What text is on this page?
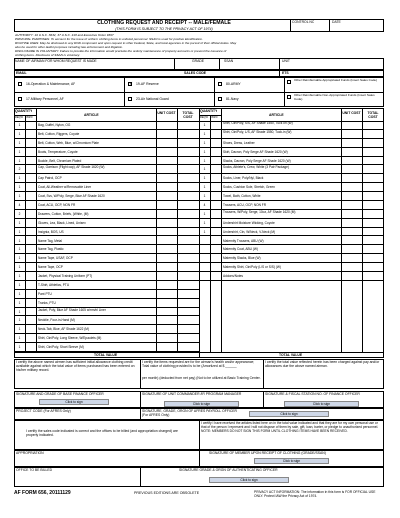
CLOTHING REQUEST AND RECEIPT -- MALE/FEMALE
(THIS FORM IS SUBJECT TO THE PRIVACY ACT OF 1974)
CONTROL NO	DATE
AUTHORITY: 10 U.S.C. 8632, 37 U.S.C. 418 and Executive Order 9397
PRINCIPAL PURPOSES: To account for the issue of uniform clothing items to enlisted personnel. SSAN is used for positive identification.
ROUTINE USES: May be disclosed to any DOD component and upon request to other Federal, State, and local agencies in the pursuit of their official duties. May
also be used for other lawful purposes including law enforcement and litigation.
DISCLOSURE IS VOLUNTARY: Failure to provide the information would preclude the orderly maintenance of property accounts or prevent the issuance of
clothing items. Disclosure of SSAN is voluntary.
NAME OF AIRMAN FOR WHOM REQUEST IS MADE	GRADE	SSAN	UNIT
EMAIL	SALES CODE	ETS
16-Operation & Maintenance, AF	✓ 19-AF Reserve	80-ARMY
Other Reimbursable Appropriated Funds (Insert Sales Code)
17-Military Personnel, AF	23-Air National Guard	81-Navy
Other Reimbursable Non-Appropriated Funds (Insert Sales Code)
QUANTITY
REQ'D ISS'D
ARTICLE	UNIT COST	TOTAL COST
QUANTITY
REQ'D ISS'D
ARTICLE	UNIT COST	TOTAL COST
1	Bag, Duffel, Nylon, OG
1	Belt, Cotton, Riggers, Coyote
1	Belt, Cotton, Web, Blue, w/Chromium Plate
1	Boots, Temperature, Coyote
1	Buckle, Belt, Chromium Plated
2	Cap, Garrison (Flight cap), AF Shade 1620 (W)
1	Cap Patrol, OCP
1	Coat, All-Weather w/Removable Liner
1	Coat, Svs, W/Poly, Serge, Blue AF Shade 1620
4	Coat, ACU, OCP, NON FR
2	Drawers, Cotton, Briefs, (White, (M)
1	Gloves, Lea, Black, Lined, Unisex
1	Insignia, BOS, US
1	Name Tag, Metal
1	Name Tag, Plastic
1	Name Tape, USAF, OCP
1	Name Tape, OCP
1	Jacket, Physical Training Uniform (PT)
1	T-Shirt, Athletics, PTU
1	Pant PTU
1	Trunks, PTU
1	Jacket, Poly, Blue AF Shade 1605 w/rmvbl Liner
1	Necktie, Four-in-Hand (M)
1	Neck-Tab, Blue, AF Shade 1622 (M)
1	Shirt, Ctn/Poly, Long Sleeve, W/Epaulets (M)
1	Shirt, Ctn/Poly, Short Sleeve (M)
1	Shirt, Ctn/Poly, S/S, AF Shade 1550, Tuck on (W)
1	Shirt, Ctn/Poly, L/S, AF Shade 1550, Tuck-in (W)
1	Shoes, Dress, Leather
1	Skirt, Dacron, Poly Serge AF Shade 1620 (W)
1	Slacks, Dacron, Poly Serge AF Shade 1620 (W)
1	Socks, Athlete's, Crew, White (3 Pair Package)
1	Socks, Liner, Poly/Nyl, Black
1	Socks, Cushion Sole, Stretch, Green
1	Towel, Bath, Cotton, White
4	Trousers, ACU, OCP, NON FR
1	Trousers, W/Poly, Serge, 10oz, AF Shade 1620 (M)
1	Undershirt Moisture Wicking, Coyote
1	Undershirt, Ctn, W/Neck, V-Neck (M)
Maternity Trousers, ABU (W)
Maternity Coat, ABU (W)
Maternity Slacks, Blue (W)
Maternity Shirt, Ctn/Poly (L/S or S/S) (W)
Addons/Notes
TOTAL VALUE	TOTAL VALUE
I certify the above named airmen has sufficient initial allowance clothing credit available against which the total value of items purchased has been entered on his/her military record.
I certify the items requested are for the airman's health and/or appearance; Total value of clothing provided is to be (Amortized at $ ______
per month) (deducted from net pay) (Not to be utilized at Basic Training Center.
I certify the total value reflected herein has been charged against pay and/or allowances due the above named airman.
SIGNATURE AND GRADE OF BASE FINANCE OFFICER
Click to sign
SIGNATURE OF UNIT COMMANDER /IR PROGRAM MANAGER
Click to sign
SIGNATURE & FISCAL STATION NO. OF FINANCE OFFICER
Click to sign
PROJECT CODE (For AFRES Only)	SIGNATURE, GRADE, ORGN OF AFRES PAYROLL OFFICER (For AFRES Only)	Click to sign
I certify the sales code indicated is correct and the offices to be billed (and appropriation charged) are properly indicated.
I certify I have received the articles listed here on in the total value indicated and that they are for my own personal use or that of the person I represent and I will not dispose of them by sale, gift, loan, barter, or pledge to unauthorized personnel. NOTE: MEMBERS DO NOT SIGN THIS FORM UNTIL CLOTHING ITEMS HAVE BEEN RECEIVED.
APPROPRIATION	SIGNATURE OF MEMBER UPON RECEIPT OF CLOTHING (GRADE/SSAN)
Click to sign
OFFICE TO BE BILLED	SIGNATURE GRADE & ORGN OF AUTHENTICATING OFFICER
Click to sign
AF FORM 656, 20111129	PREVIOUS EDITIONS ARE OBSOLETE	PRIVACY ACT INFORMATION: The information in this form is FOR OFFICIAL USE ONLY. Protect IAW the Privacy Act of 1974.
